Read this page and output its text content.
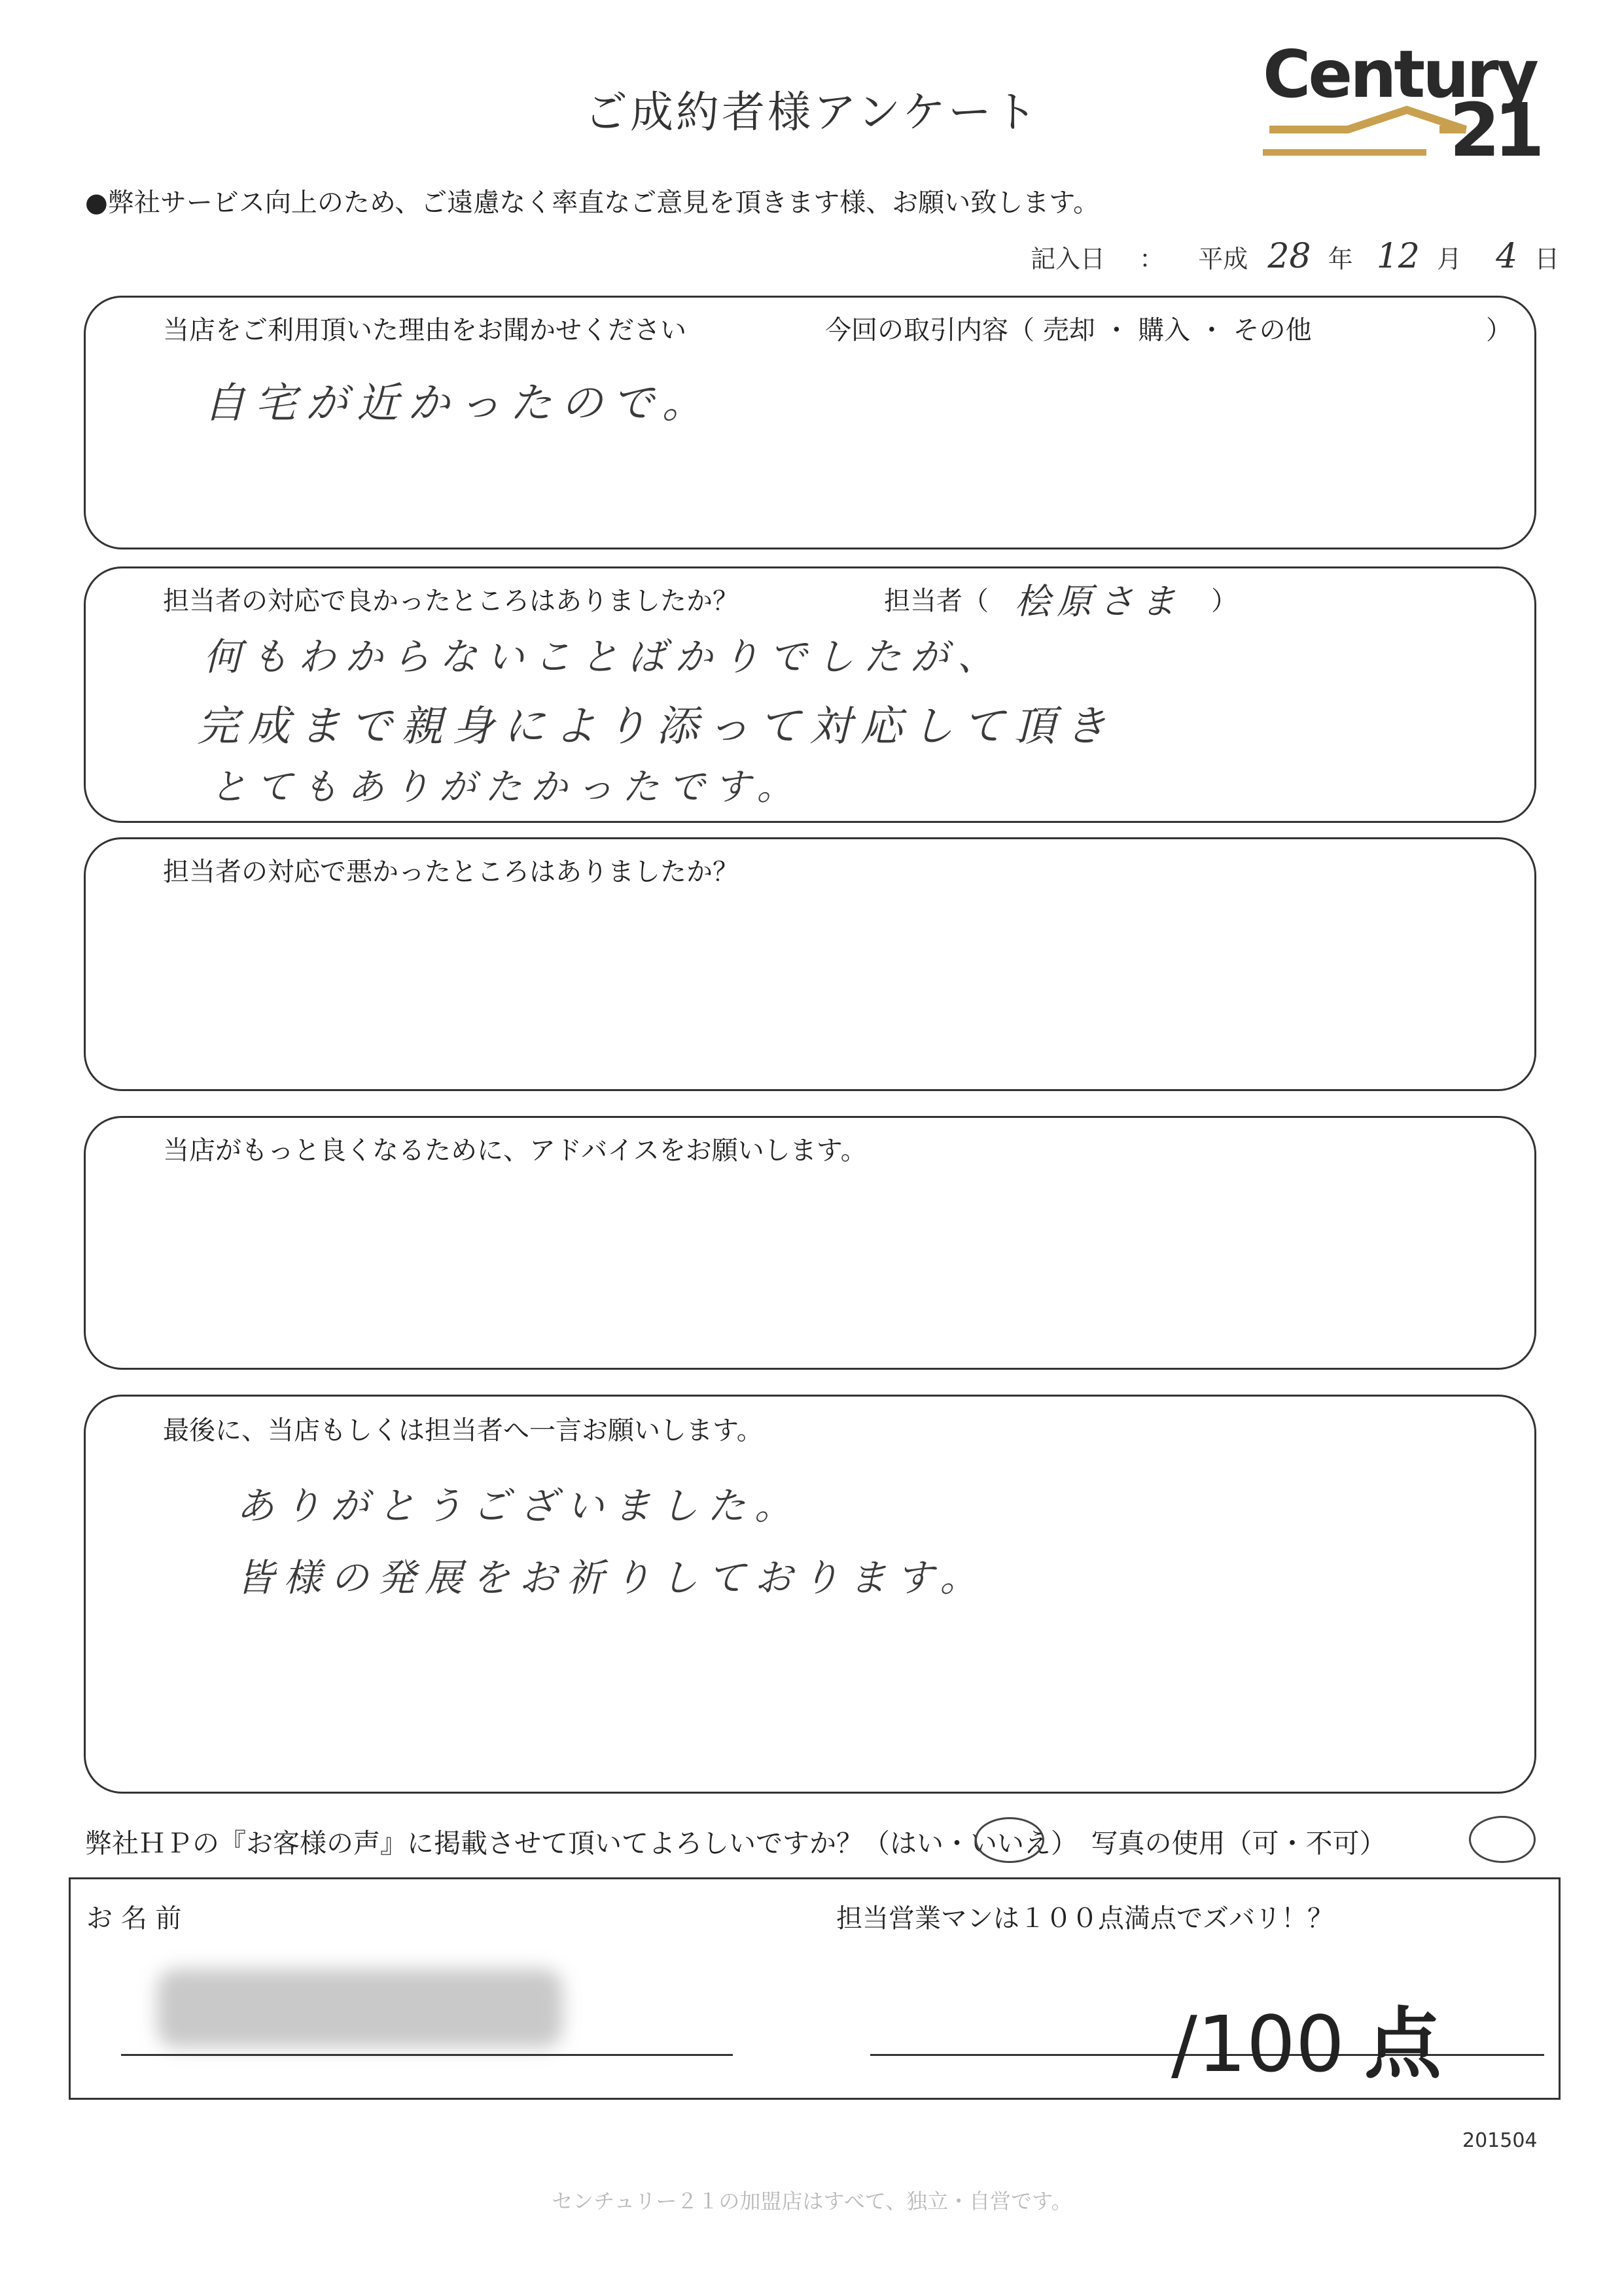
ご成約者様アンケート	Century
21
●弊社サービス向上のため、ご遠慮なく率直なご意見を頂きます様、お願い致します。
記入日 ： 平成 28 年 12 月 4 日
当店をご利用頂いた理由をお聞かせください	今回の取引内容（ 売却 ・ 購入 ・ その他	）
自宅が近かったので。
担当者の対応で良かったところはありましたか？	担当者（ 桧原さま ）
何もわからないことばかりでしたが、
完成まで親身により添って対応して頂き
とてもありがたかったです。
担当者の対応で悪かったところはありましたか？
当店がもっと良くなるために、アドバイスをお願いします。
最後に、当店もしくは担当者へ一言お願いします。
ありがとうございました。
皆様の発展をお祈りしております。
弊社ＨＰの『お客様の声』に掲載させて頂いてよろしいですか？（はい・いいえ）　写真の使用（可・不可）
お 名 前	担当営業マンは１００点満点でズバリ！？
/100 点
201504
センチュリー２１の加盟店はすべて、独立・自営です。
